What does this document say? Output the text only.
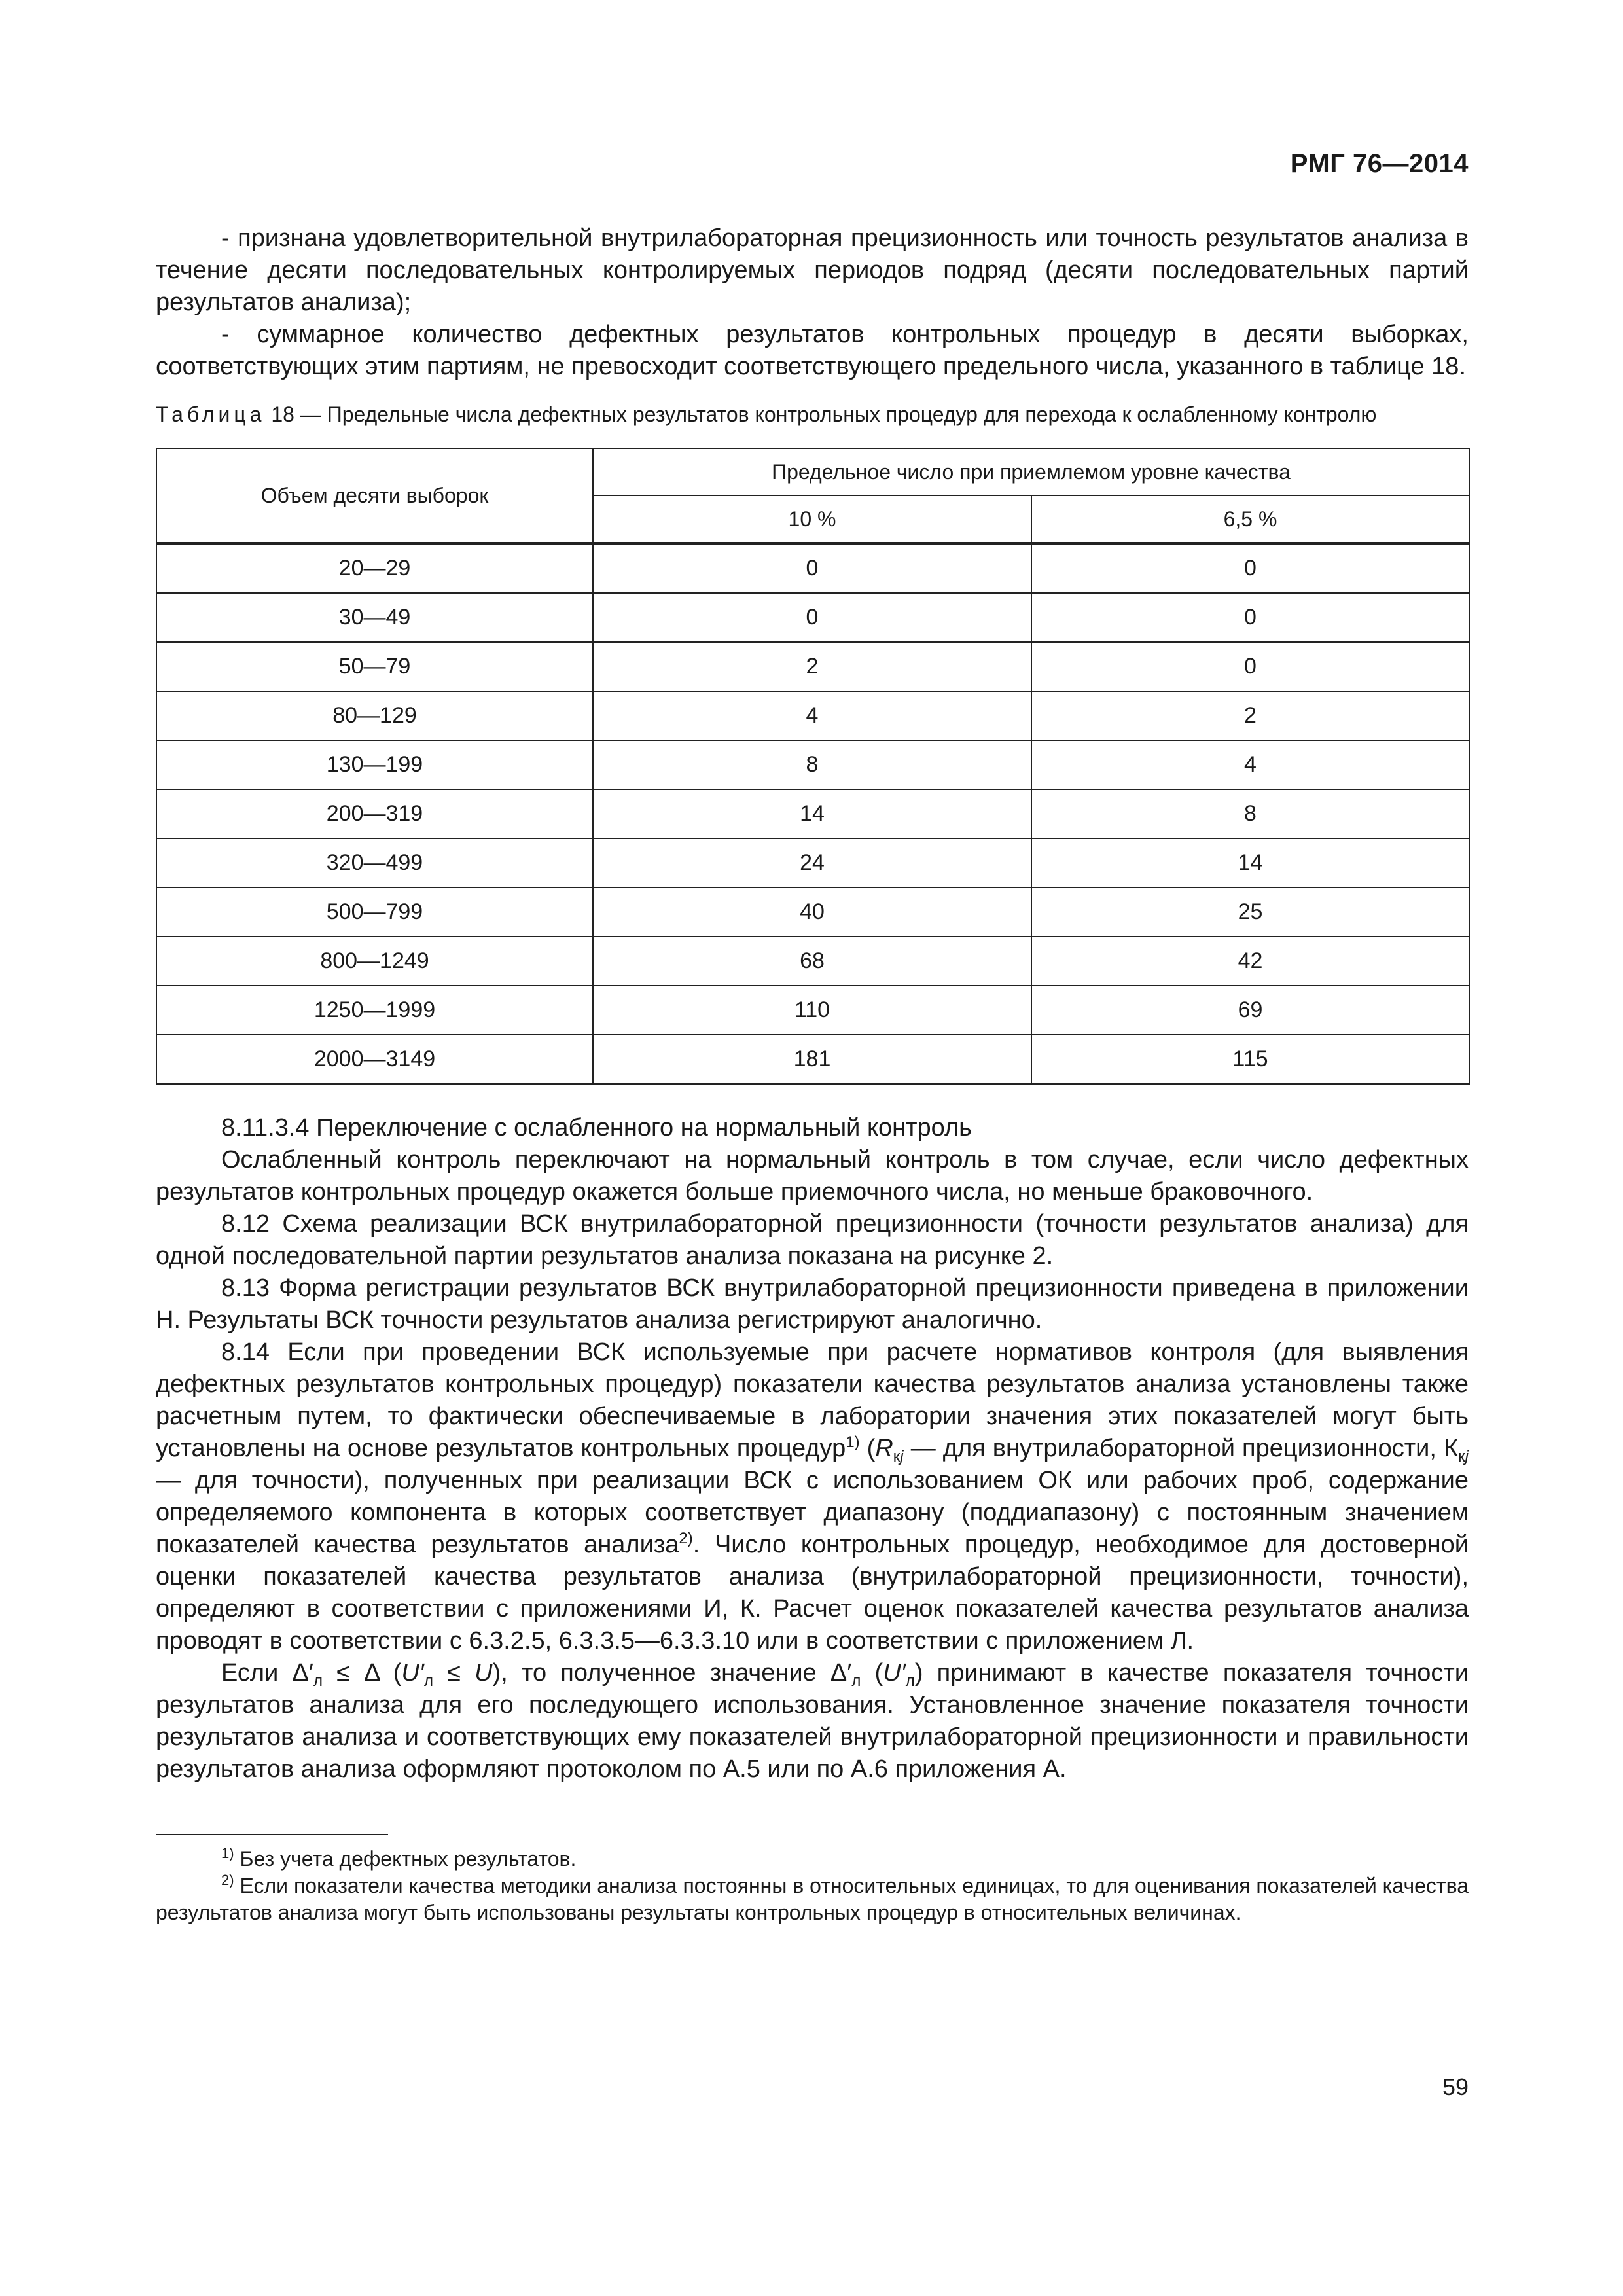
РМГ 76—2014

- признана удовлетворительной внутрилабораторная прецизионность или точность результатов анализа в течение десяти последовательных контролируемых периодов подряд (десяти последовательных партий результатов анализа);

- суммарное количество дефектных результатов контрольных процедур в десяти выборках, соответствующих этим партиям, не превосходит соответствующего предельного числа, указанного в таблице 18.

Таблица 18 — Предельные числа дефектных результатов контрольных процедур для перехода к ослабленному контролю

Объем десяти выборок	Предельное число при приемлемом уровне качества	
	10 %	6,5 %
20—29	0	0
30—49	0	0
50—79	2	0
80—129	4	2
130—199	8	4
200—319	14	8
320—499	24	14
500—799	40	25
800—1249	68	42
1250—1999	110	69
2000—3149	181	115

8.11.3.4 Переключение с ослабленного на нормальный контроль

Ослабленный контроль переключают на нормальный контроль в том случае, если число дефектных результатов контрольных процедур окажется больше приемочного числа, но меньше браковочного.

8.12 Схема реализации ВСК внутрилабораторной прецизионности (точности результатов анализа) для одной последовательной партии результатов анализа показана на рисунке 2.

8.13 Форма регистрации результатов ВСК внутрилабораторной прецизионности приведена в приложении Н. Результаты ВСК точности результатов анализа регистрируют аналогично.

8.14 Если при проведении ВСК используемые при расчете нормативов контроля (для выявления дефектных результатов контрольных процедур) показатели качества результатов анализа установлены также расчетным путем, то фактически обеспечиваемые в лаборатории значения этих показателей могут быть установлены на основе результатов контрольных процедур$^{1)}$ ($R_{кj}$ — для внутрилабораторной прецизионности, $К_{кj}$ — для точности), полученных при реализации ВСК с использованием ОК или рабочих проб, содержание определяемого компонента в которых соответствует диапазону (поддиапазону) с постоянным значением показателей качества результатов анализа$^{2)}$. Число контрольных процедур, необходимое для достоверной оценки показателей качества результатов анализа (внутрилабораторной прецизионности, точности), определяют в соответствии с приложениями И, К. Расчет оценок показателей качества результатов анализа проводят в соответствии с 6.3.2.5, 6.3.3.5—6.3.3.10 или в соответствии с приложением Л.

Если $\Delta'_л \le \Delta$ $(U'_л \le U)$, то полученное значение $\Delta'_л$ $(U'_л)$ принимают в качестве показателя точности результатов анализа для его последующего использования. Установленное значение показателя точности результатов анализа и соответствующих ему показателей внутрилабораторной прецизионности и правильности результатов анализа оформляют протоколом по А.5 или по А.6 приложения А.

$^{1)}$ Без учета дефектных результатов.

$^{2)}$ Если показатели качества методики анализа постоянны в относительных единицах, то для оценивания показателей качества результатов анализа могут быть использованы результаты контрольных процедур в относительных величинах.

59
